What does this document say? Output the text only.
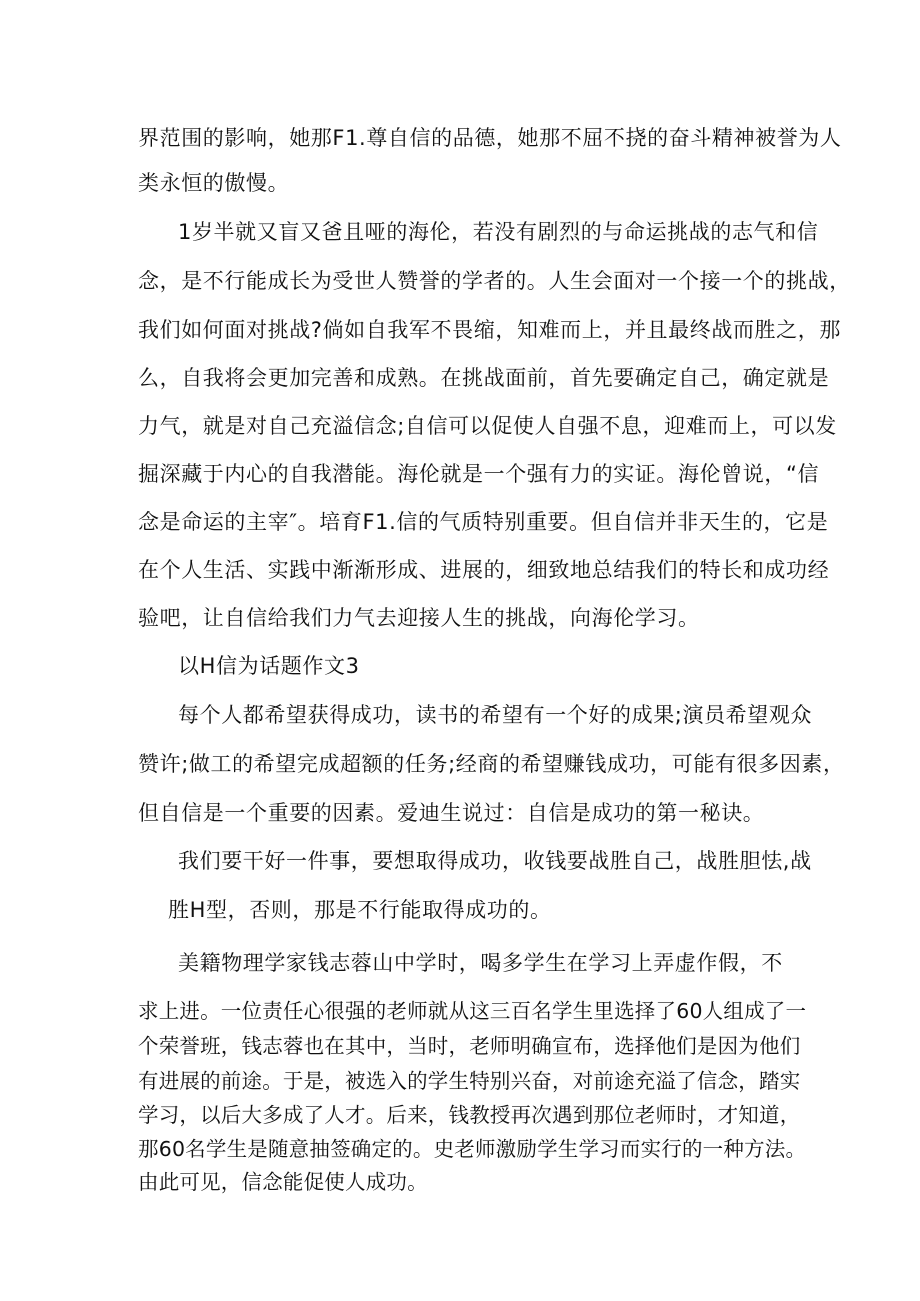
界范围的影响，她那F1.尊自信的品德，她那不屈不挠的奋斗精神被誉为人
类永恒的傲慢。
1岁半就又盲又爸且哑的海伦，若没有剧烈的与命运挑战的志气和信
念，是不行能成长为受世人赞誉的学者的。人生会面对一个接一个的挑战，
我们如何面对挑战?倘如自我军不畏缩，知难而上，并且最终战而胜之，那
么，自我将会更加完善和成熟。在挑战面前，首先要确定自己，确定就是
力气，就是对自己充溢信念;自信可以促使人自强不息，迎难而上，可以发
掘深藏于内心的自我潜能。海伦就是一个强有力的实证。海伦曾说，“信
念是命运的主宰″。培育F1.信的气质特别重要。但自信并非天生的，它是
在个人生活、实践中渐渐形成、进展的，细致地总结我们的特长和成功经
验吧，让自信给我们力气去迎接人生的挑战，向海伦学习。
以H信为话题作文3
每个人都希望获得成功，读书的希望有一个好的成果;演员希望观众
赞许;做工的希望完成超额的任务;经商的希望赚钱成功，可能有很多因素，
但自信是一个重要的因素。爱迪生说过：自信是成功的第一秘诀。
我们要干好一件事，要想取得成功，收钱要战胜自己，战胜胆怯,战
胜H型，否则，那是不行能取得成功的。
美籍物理学家钱志蓉山中学时，喝多学生在学习上弄虚作假，不
求上进。一位责任心很强的老师就从这三百名学生里选择了60人组成了一
个荣誉班，钱志蓉也在其中，当时，老师明确宣布，选择他们是因为他们
有进展的前途。于是，被选入的学生特别兴奋，对前途充溢了信念，踏实
学习，以后大多成了人才。后来，钱教授再次遇到那位老师时，才知道，
那60名学生是随意抽签确定的。史老师激励学生学习而实行的一种方法。
由此可见，信念能促使人成功。
